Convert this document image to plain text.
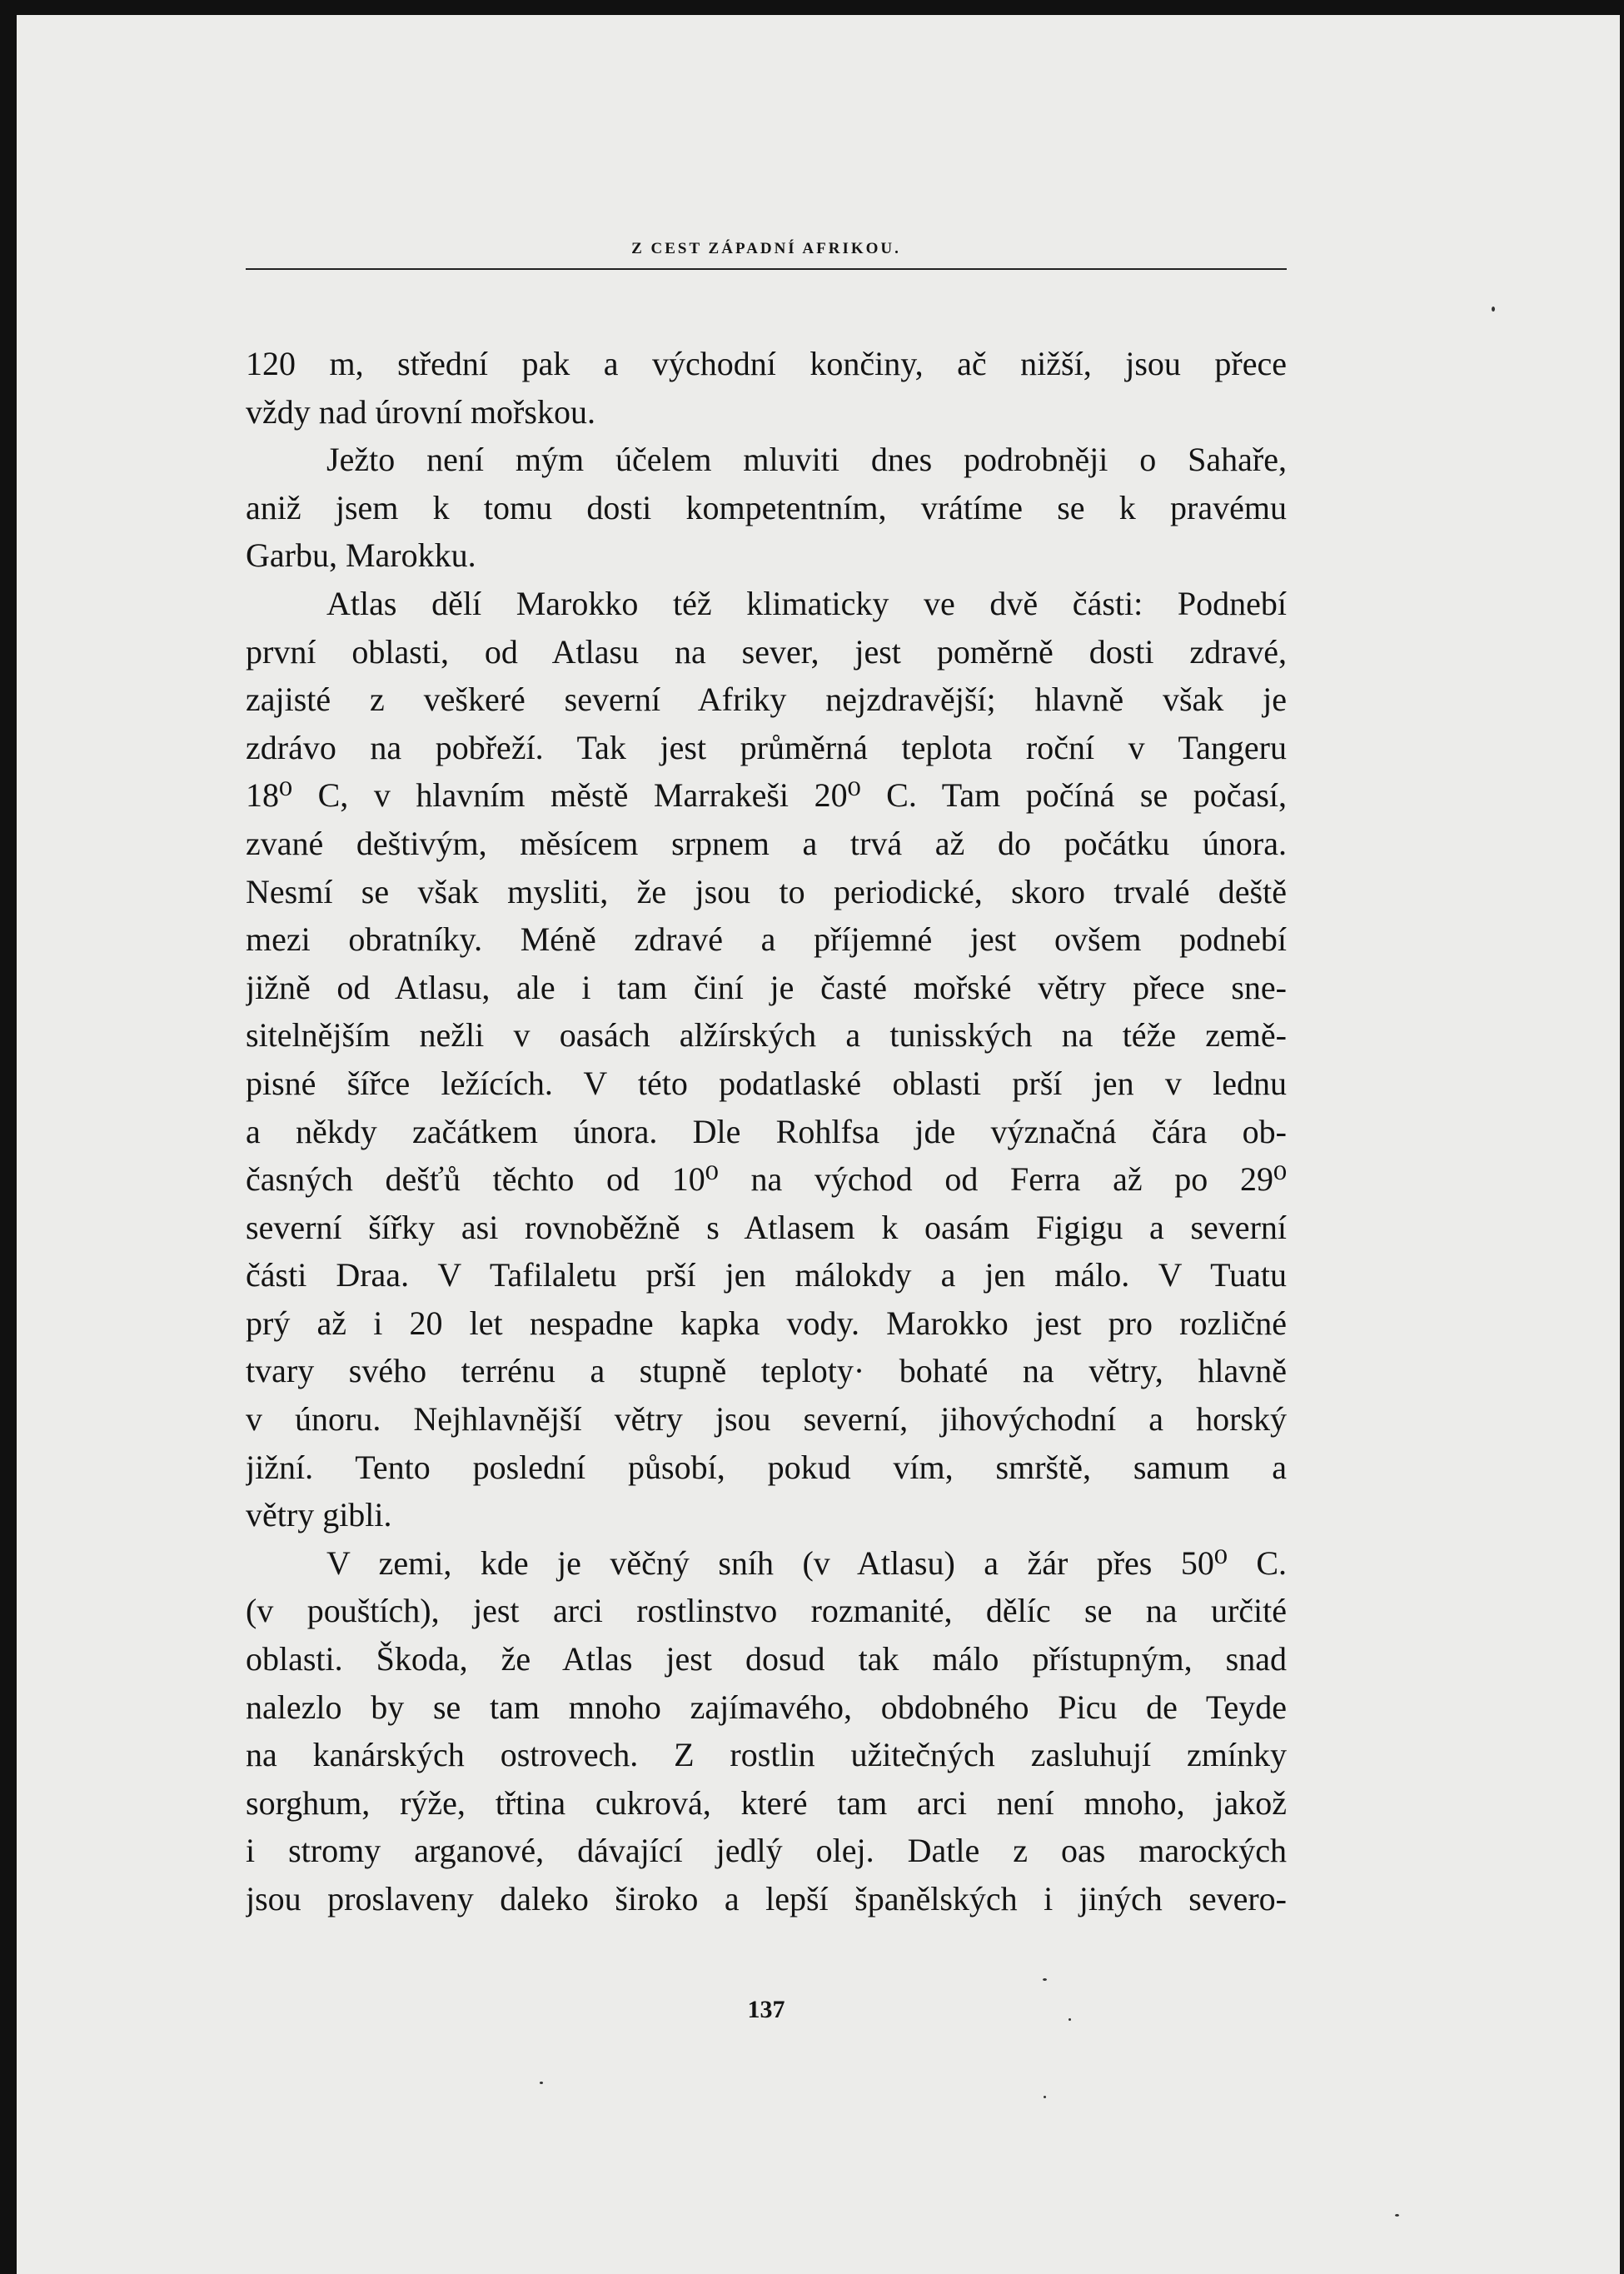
Z CEST ZÁPADNÍ AFRIKOU.
120 m, střední pak a východní končiny, ač nižší, jsou přece
vždy nad úrovní mořskou.
Ježto není mým účelem mluviti dnes podrobněji o Sahaře,
aniž jsem k tomu dosti kompetentním, vrátíme se k pravému
Garbu, Marokku.
Atlas dělí Marokko též klimaticky ve dvě části: Podnebí
první oblasti, od Atlasu na sever, jest poměrně dosti zdravé,
zajisté z veškeré severní Afriky nejzdravější; hlavně však je
zdrávo na pobřeží. Tak jest průměrná teplota roční v Tangeru
18⁰ C, v hlavním městě Marrakeši 20⁰ C. Tam počíná se počasí,
zvané deštivým, měsícem srpnem a trvá až do počátku února.
Nesmí se však mysliti, že jsou to periodické, skoro trvalé deště
mezi obratníky. Méně zdravé a příjemné jest ovšem podnebí
jižně od Atlasu, ale i tam činí je časté mořské větry přece sne-
sitelnějším nežli v oasách alžírských a tunisských na téže země-
pisné šířce ležících. V této podatlaské oblasti prší jen v lednu
a někdy začátkem února. Dle Rohlfsa jde význačná čára ob-
časných dešťů těchto od 10⁰ na východ od Ferra až po 29⁰
severní šířky asi rovnoběžně s Atlasem k oasám Figigu a severní
části Draa. V Tafilaletu prší jen málokdy a jen málo. V Tuatu
prý až i 20 let nespadne kapka vody. Marokko jest pro rozličné
tvary svého terrénu a stupně teploty· bohaté na větry, hlavně
v únoru. Nejhlavnější větry jsou severní, jihovýchodní a horský
jižní. Tento poslední působí, pokud vím, smrště, samum a
větry gibli.
V zemi, kde je věčný sníh (v Atlasu) a žár přes 50⁰ C.
(v pouštích), jest arci rostlinstvo rozmanité, dělíc se na určité
oblasti. Škoda, že Atlas jest dosud tak málo přístupným, snad
nalezlo by se tam mnoho zajímavého, obdobného Picu de Teyde
na kanárských ostrovech. Z rostlin užitečných zasluhují zmínky
sorghum, rýže, třtina cukrová, které tam arci není mnoho, jakož
i stromy arganové, dávající jedlý olej. Datle z oas marockých
jsou proslaveny daleko široko a lepší španělských i jiných severo-
137
